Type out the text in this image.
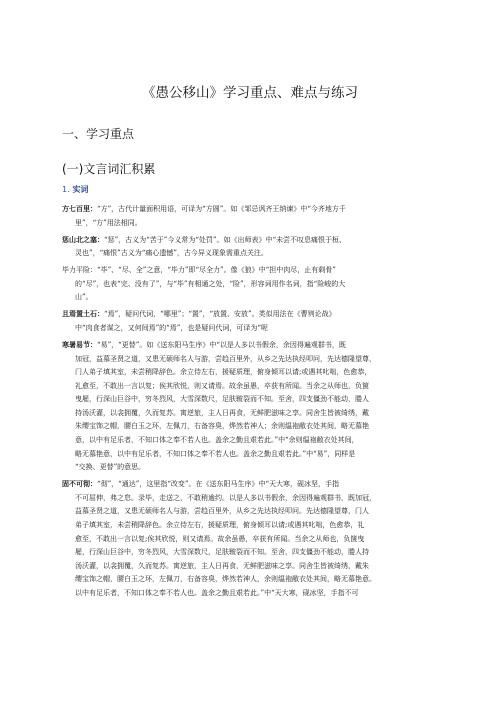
《愚公移山》学习重点、难点与练习
一、学习重点
(一)文言词汇积累
1. 实词
方七百里：“方”，古代计量面积用语，可译为“方圆”。如《邹忌讽齐王纳谏》中“今齐地方千
里”，“方”用法相同。
惩山北之塞：“惩”，古义为“苦于”今义常为“处罚”。如《出师表》中“未尝不叹息痛恨于桓、
灵也”，“痛恨”古义为“痛心遗憾”，古今异义现象需重点关注。
毕力平险：“毕”、“尽、全”之意，“毕力”即“尽全力”。像《狼》中“担中肉尽，止有剩骨”
的“尽”，也表“完、没有了”，与“毕”有相通之处，“险”，形容词用作名词，指“险峻的大
山”。
且焉置土石：“焉”，疑问代词，“哪里”；“置”，“放置、安放”。类似用法在《曹刿论战》
中“肉食者谋之，又何间焉”的“焉”，也是疑问代词，可译为“呢
寒暑易节：“易”，“更替”。如《送东阳马生序》中“以是人多以书假余，余因得遍观群书，既
加冠，益慕圣贤之道，又患无硕师名人与游，尝趋百里外，从乡之先达执经叩问，先达德隆望尊，
门人弟子填其室，未尝稍降辞色。余立侍左右，援疑质理，俯身倾耳以请;或遇其叱咄，色愈恭，
礼愈至，不敢出一言以复；俟其欣悦，则又请焉。故余虽愚，卒获有所闻。当余之从师也，负箧
曳屣，行深山巨谷中，穷冬烈风，大雪深数尺，足肤皲裂而不知。至舍，四支僵劲不能动，媵人
持汤沃灌，以衾拥覆，久而复苏。寓逆旅，主人日再食，无鲜肥滋味之享。同舍生皆被绮绣，戴
朱缨宝饰之帽，腰白玉之环，左佩刀，右备容臭，烨然若神人；余则缊袍敝衣处其间，略无慕艳
意，以中有足乐者，不知口体之奉不若人也。盖余之勤且艰若此。”中“余则缊袍敝衣处其间，
略无慕艳意，以中有足乐者，不知口体之奉不若人也。盖余之勤且艰若此。”中“易”，同样是
“交换、更替”的意思。
固不可彻：“彻”，“通达”，这里指“改变”。在《送东阳马生序》中“天大寒，砚冰坚，手指
不可屈伸，弗之怠。录毕，走送之，不敢稍逾约。以是人多以书假余，余因得遍观群书，既加冠，
益慕圣贤之道，又患无硕师名人与游，尝趋百里外，从乡之先达执经叩问。先达德隆望尊，门人
弟子填其室，未尝稍降辞色。余立侍左右，援疑质理，俯身倾耳以请;或遇其叱咄，色愈恭，礼
愈至，不敢出一言以复;俟其欣悦，则又请焉。故余虽愚，卒获有所闻。当余之从师也，负箧曳
屣，行深山巨谷中，穷冬烈风，大雪深数尺，足肤皲裂而不知。至舍，四支僵劲不能动，媵人持
汤沃灌，以衾拥覆，久而复苏。寓逆旅，主人日再食，无鲜肥滋味之享。同舍生皆被绮绣，戴朱
缨宝饰之帽，腰白玉之环，左佩刀，右备容臭，烨然若神人，余则缊袍敝衣处其间，略无慕艳意。
以中有足乐者，不知口体之奉不若人也。盖余之勤且艰若此。”中“天大寒，砚冰坚，手指不可
